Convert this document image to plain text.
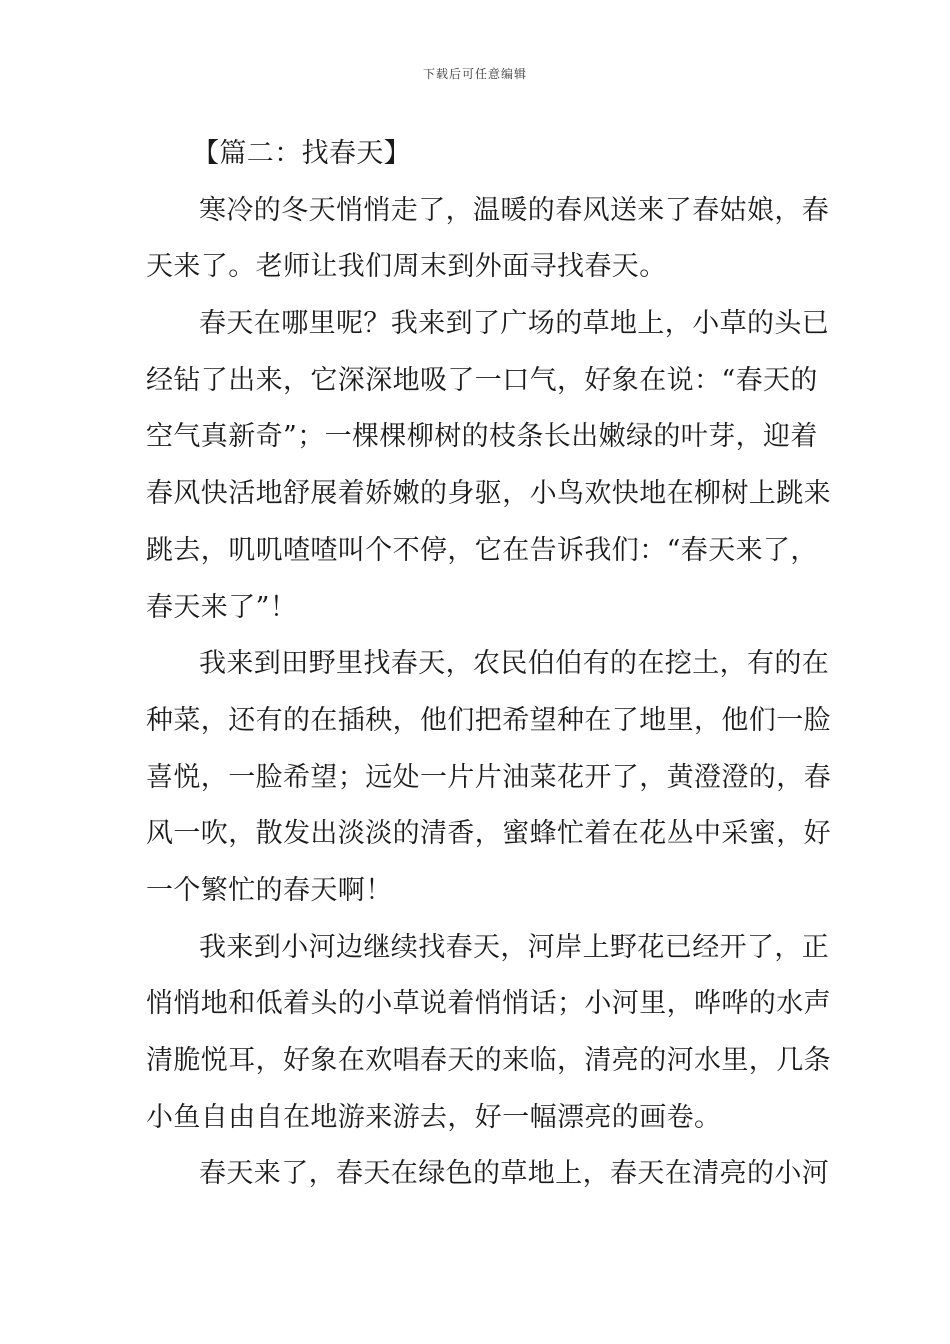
下载后可任意编辑
【篇二：找春天】
寒冷的冬天悄悄走了，温暖的春风送来了春姑娘，春
天来了。老师让我们周末到外面寻找春天。
春天在哪里呢？我来到了广场的草地上，小草的头已
经钻了出来，它深深地吸了一口气，好象在说：“春天的
空气真新奇”；一棵棵柳树的枝条长出嫩绿的叶芽，迎着
春风快活地舒展着娇嫩的身驱，小鸟欢快地在柳树上跳来
跳去，叽叽喳喳叫个不停，它在告诉我们：“春天来了，
春天来了”！
我来到田野里找春天，农民伯伯有的在挖土，有的在
种菜，还有的在插秧，他们把希望种在了地里，他们一脸
喜悦，一脸希望；远处一片片油菜花开了，黄澄澄的，春
风一吹，散发出淡淡的清香，蜜蜂忙着在花丛中采蜜，好
一个繁忙的春天啊！
我来到小河边继续找春天，河岸上野花已经开了，正
悄悄地和低着头的小草说着悄悄话；小河里，哗哗的水声
清脆悦耳，好象在欢唱春天的来临，清亮的河水里，几条
小鱼自由自在地游来游去，好一幅漂亮的画卷。
春天来了，春天在绿色的草地上，春天在清亮的小河
